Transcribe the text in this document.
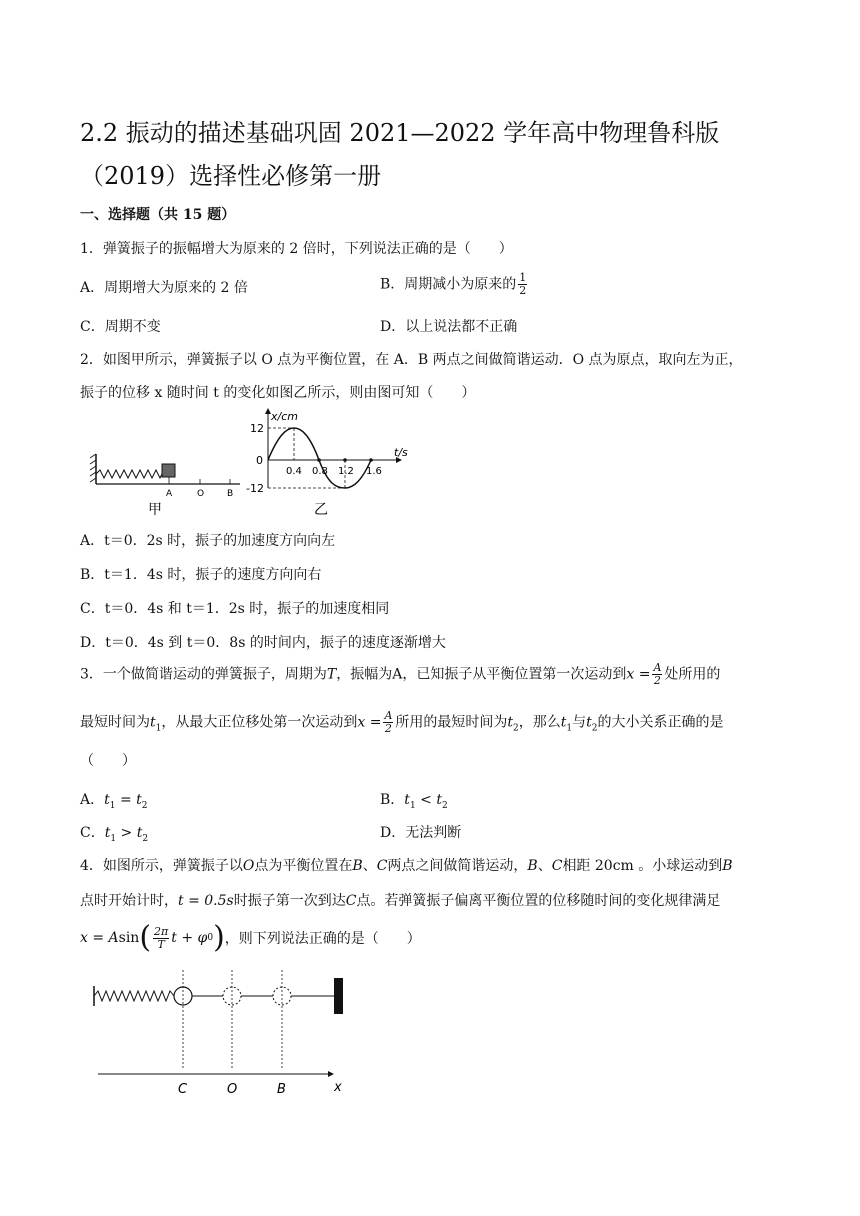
2.2 振动的描述基础巩固 2021—2022 学年高中物理鲁科版（2019）选择性必修第一册
一、选择题（共 15 题）
1．弹簧振子的振幅增大为原来的 2 倍时，下列说法正确的是（　　）
A．周期增大为原来的 2 倍	B．周期减小为原来的 $\frac{1}{2}$
C．周期不变	D．以上说法都不正确
2．如图甲所示，弹簧振子以 O 点为平衡位置，在 A．B 两点之间做简谐运动．O 点为原点，取向左为正，
振子的位移 x 随时间 t 的变化如图乙所示，则由图可知（　　）
A	O	B
甲
x/cm
t/s
12
0
-12
0.4 0.8 1.2 1.6
乙
A．t＝0．2s 时，振子的加速度方向向左
B．t＝1．4s 时，振子的速度方向向右
C．t＝0．4s 和 t＝1．2s 时，振子的加速度相同
D．t＝0．4s 到 t＝0．8s 的时间内，振子的速度逐渐增大
3．一个做简谐运动的弹簧振子，周期为T，振幅为A，已知振子从平衡位置第一次运动到$x = \frac{A}{2}$ 处所用的
最短时间为$t_1$，从最大正位移处第一次运动到$x = \frac{A}{2}$ 所用的最短时间为$t_2$，那么$t_1$与$t_2$的大小关系正确的是
（　　）
A．$t_1 = t_2$	B．$t_1 < t_2$
C．$t_1 > t_2$	D．无法判断
4．如图所示，弹簧振子以O点为平衡位置在B、C两点之间做简谐运动，B、C相距 20cm 。小球运动到B
点时开始计时，t = 0.5s时振子第一次到达C点。若弹簧振子偏离平衡位置的位移随时间的变化规律满足
x = A sin ( $\frac{2\pi}{T}$ t + φ 0 ) ，则下列说法正确的是（　　）
C	O	B	x
